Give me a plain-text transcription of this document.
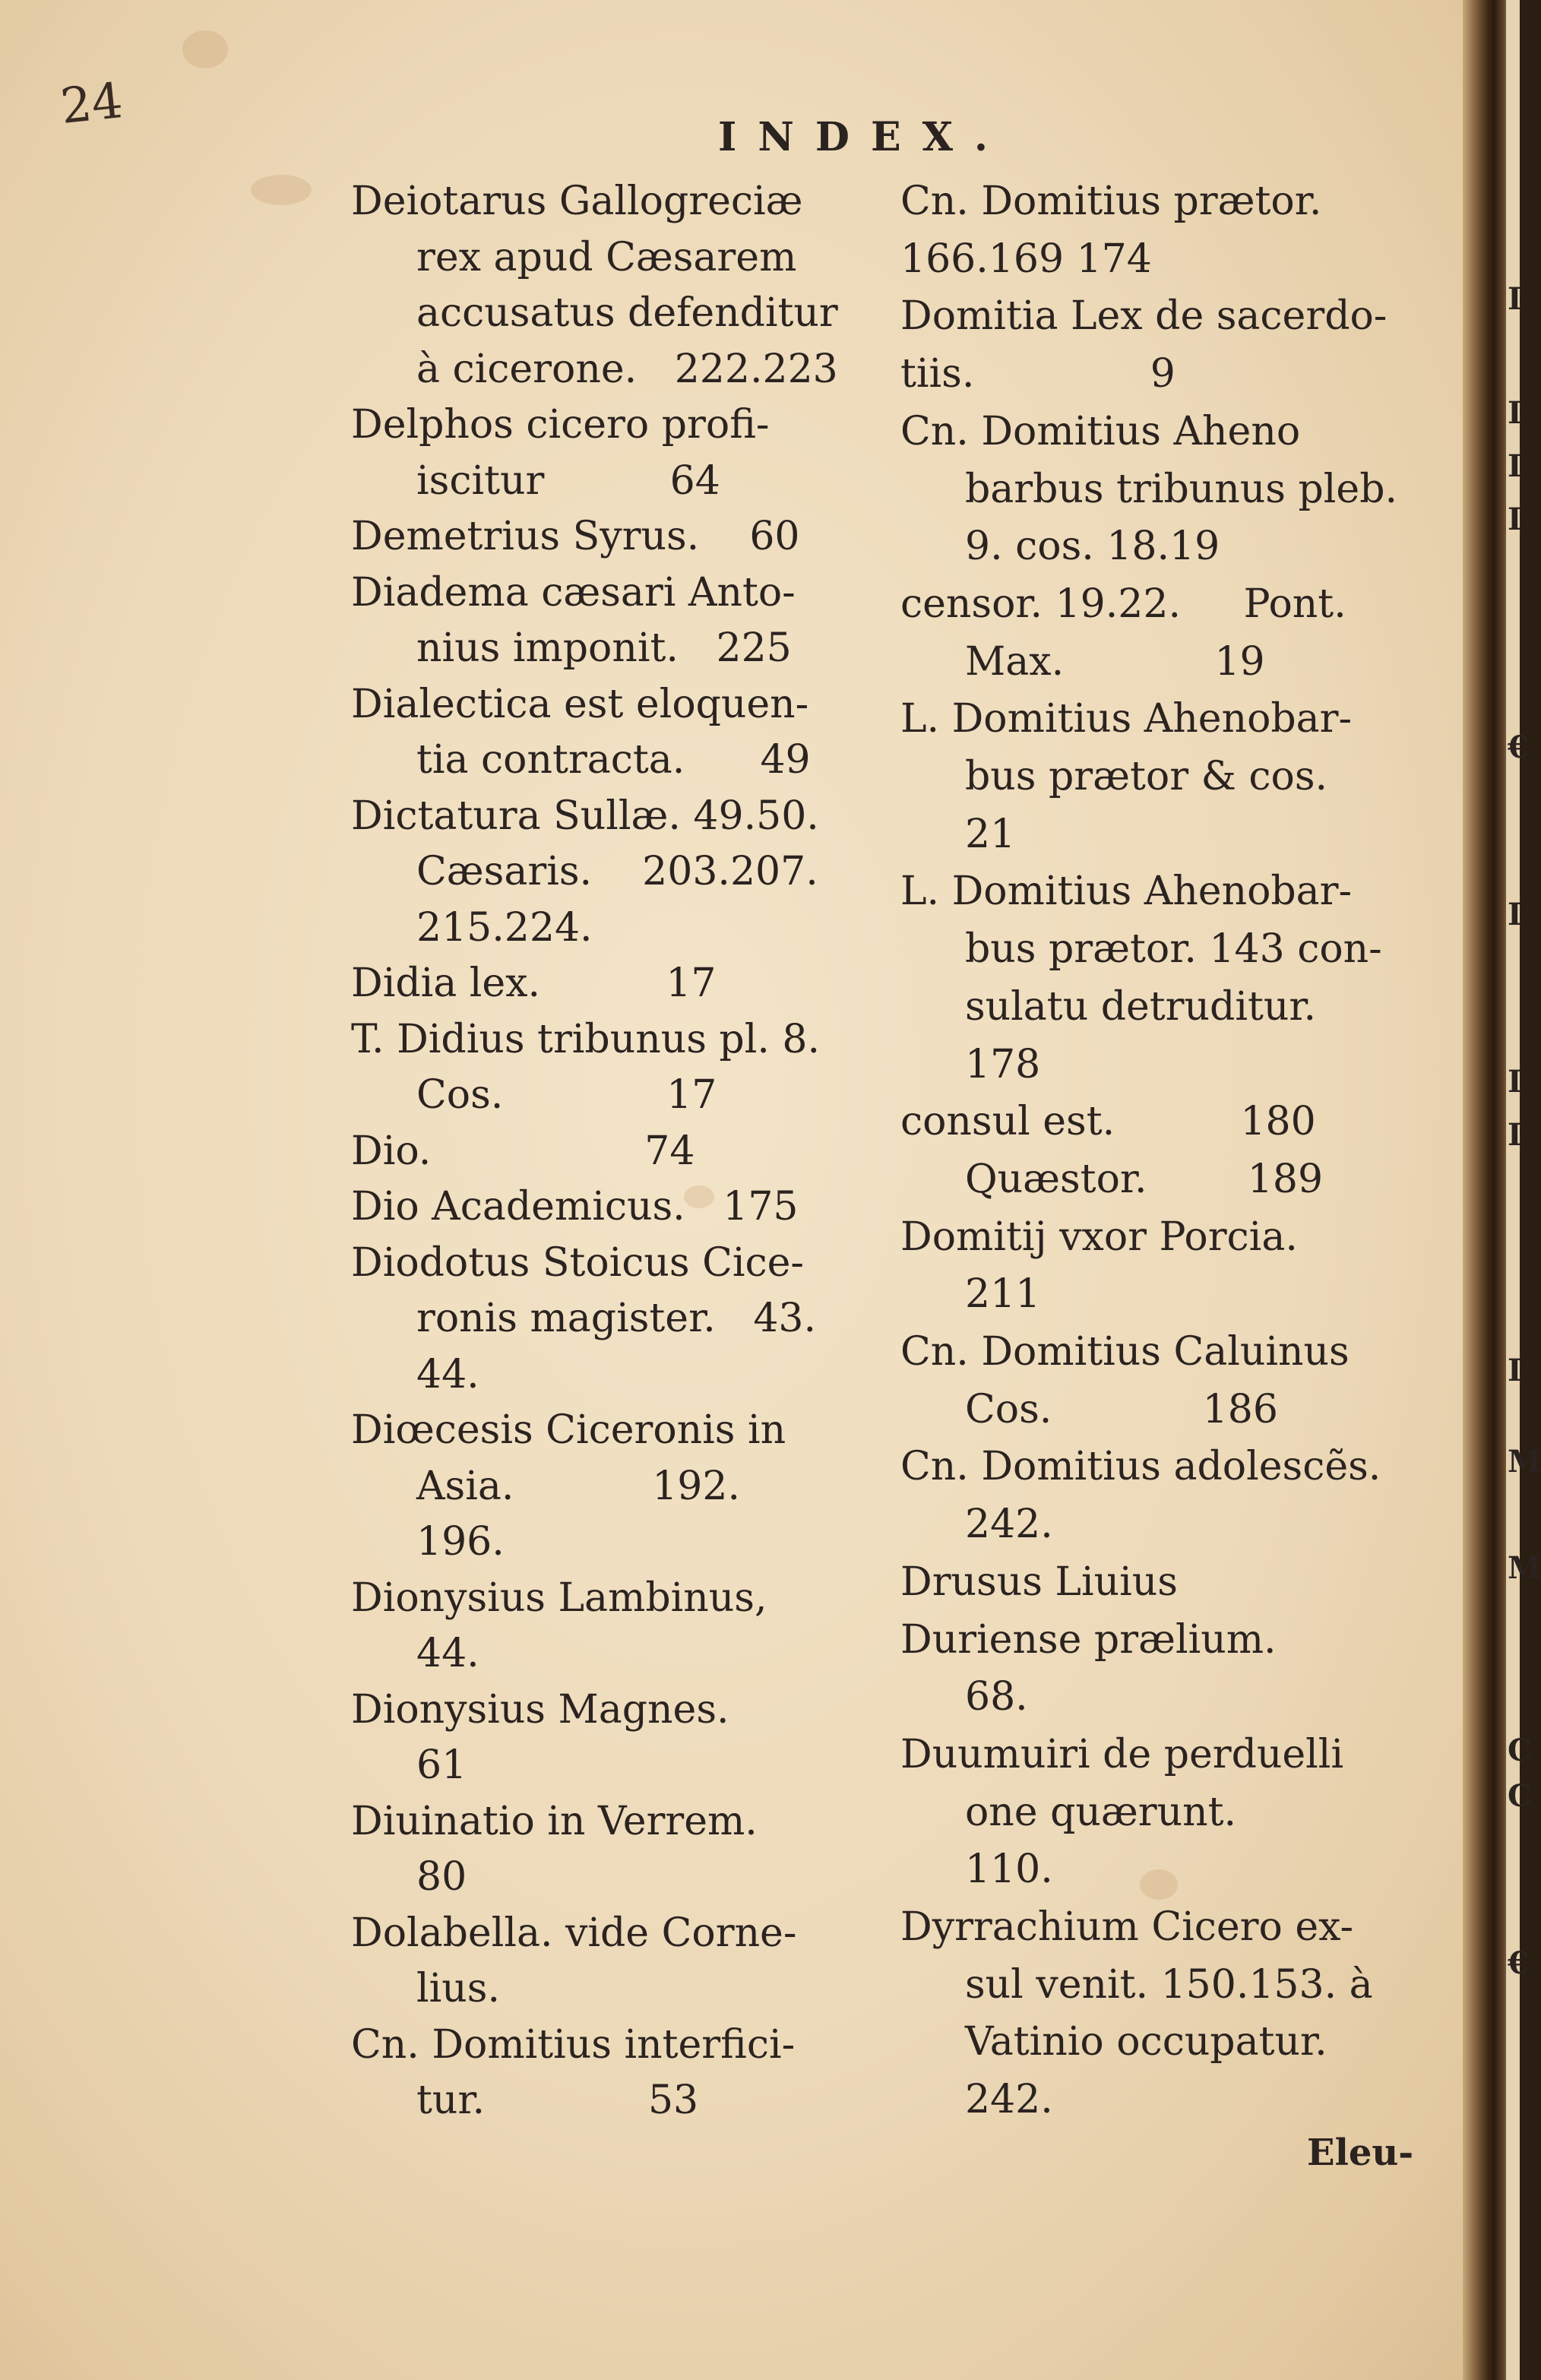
24
INDEX.
Deiotarus Gallogreciæ
rex apud Cæsarem
accusatus defenditur
à cicerone.   222.223
Delphos cicero profi-
iscitur          64
Demetrius Syrus.    60
Diadema cæsari Anto-
nius imponit.   225
Dialectica est eloquen-
tia contracta.      49
Dictatura Sullæ. 49.50.
Cæsaris.    203.207.
215.224.
Didia lex.          17
T. Didius tribunus pl. 8.
Cos.             17
Dio.                 74
Dio Academicus.   175
Diodotus Stoicus Cice-
ronis magister.   43.
44.
Diœcesis Ciceronis in
Asia.           192.
196.
Dionysius Lambinus,
44.
Dionysius Magnes.
61
Diuinatio in Verrem.
80
Dolabella. vide Corne-
lius.
Cn. Domitius interfici-
tur.             53
Cn. Domitius prætor.
166.169 174
Domitia Lex de sacerdo-
tiis.              9
Cn. Domitius Aheno
barbus tribunus pleb.
9. cos. 18.19
censor. 19.22.     Pont.
Max.            19
L. Domitius Ahenobar-
bus prætor & cos.
21
L. Domitius Ahenobar-
bus prætor. 143 con-
sulatu detruditur.
178
consul est.          180
Quæstor.        189
Domitij vxor Porcia.
211
Cn. Domitius Caluinus
Cos.            186
Cn. Domitius adolescẽs.
242.
Drusus Liuius
Duriense prælium.
68.
Duumuiri de perduelli
one quærunt.
110.
Dyrrachium Cicero ex-
sul venit. 150.153. à
Vatinio occupatur.
242.
Eleu-
I
I
I
I
€
I
I
I
I
M
M
C
C
€
